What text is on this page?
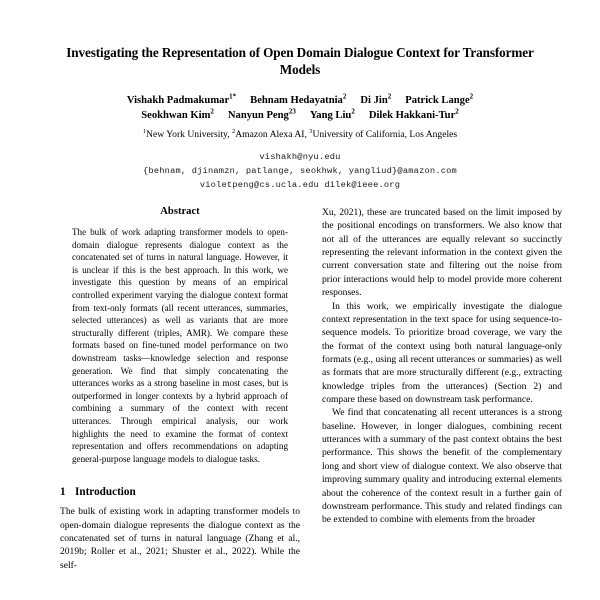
Investigating the Representation of Open Domain Dialogue Context for Transformer Models
Vishakh Padmakumar$^{1*}$ Behnam Hedayatnia$^2$ Di Jin$^2$ Patrick Lange$^2$
Seokhwan Kim$^2$ Nanyun Peng$^{23}$ Yang Liu$^2$ Dilek Hakkani-Tur$^2$
$^1$New York University, $^2$Amazon Alexa AI, $^3$University of California, Los Angeles
vishakh@nyu.edu
{behnam, djinamzn, patlange, seokhwk, yangliud}@amazon.com
violetpeng@cs.ucla.edu dilek@ieee.org
Abstract

The bulk of work adapting transformer models to open-domain dialogue represents dialogue context as the concatenated set of turns in natural language. However, it is unclear if this is the best approach. In this work, we investigate this question by means of an empirical controlled experiment varying the dialogue context format from text-only formats (all recent utterances, summaries, selected utterances) as well as variants that are more structurally different (triples, AMR). We compare these formats based on fine-tuned model performance on two downstream tasks—knowledge selection and response generation. We find that simply concatenating the utterances works as a strong baseline in most cases, but is outperformed in longer contexts by a hybrid approach of combining a summary of the context with recent utterances. Through empirical analysis, our work highlights the need to examine the format of context representation and offers recommendations on adapting general-purpose language models to dialogue tasks.

1 Introduction

The bulk of existing work in adapting transformer models to open-domain dialogue represents the dialogue context as the concatenated set of turns in natural language (Zhang et al., 2019b; Roller et al., 2021; Shuster et al., 2022). While the self-

Xu, 2021), these are truncated based on the limit imposed by the positional encodings on transformers. We also know that not all of the utterances are equally relevant so succinctly representing the relevant information in the context given the current conversation state and filtering out the noise from prior interactions would help to model provide more coherent responses.

In this work, we empirically investigate the dialogue context representation in the text space for using sequence-to-sequence models. To prioritize broad coverage, we vary the the format of the context using both natural language-only formats (e.g., using all recent utterances or summaries) as well as formats that are more structurally different (e.g., extracting knowledge triples from the utterances) (Section 2) and compare these based on downstream task performance.

We find that concatenating all recent utterances is a strong baseline. However, in longer dialogues, combining recent utterances with a summary of the past context obtains the best performance. This shows the benefit of the complementary long and short view of dialogue context. We also observe that improving summary quality and introducing external elements about the coherence of the context result in a further gain of downstream performance. This study and related findings can be extended to combine with elements from the broader
